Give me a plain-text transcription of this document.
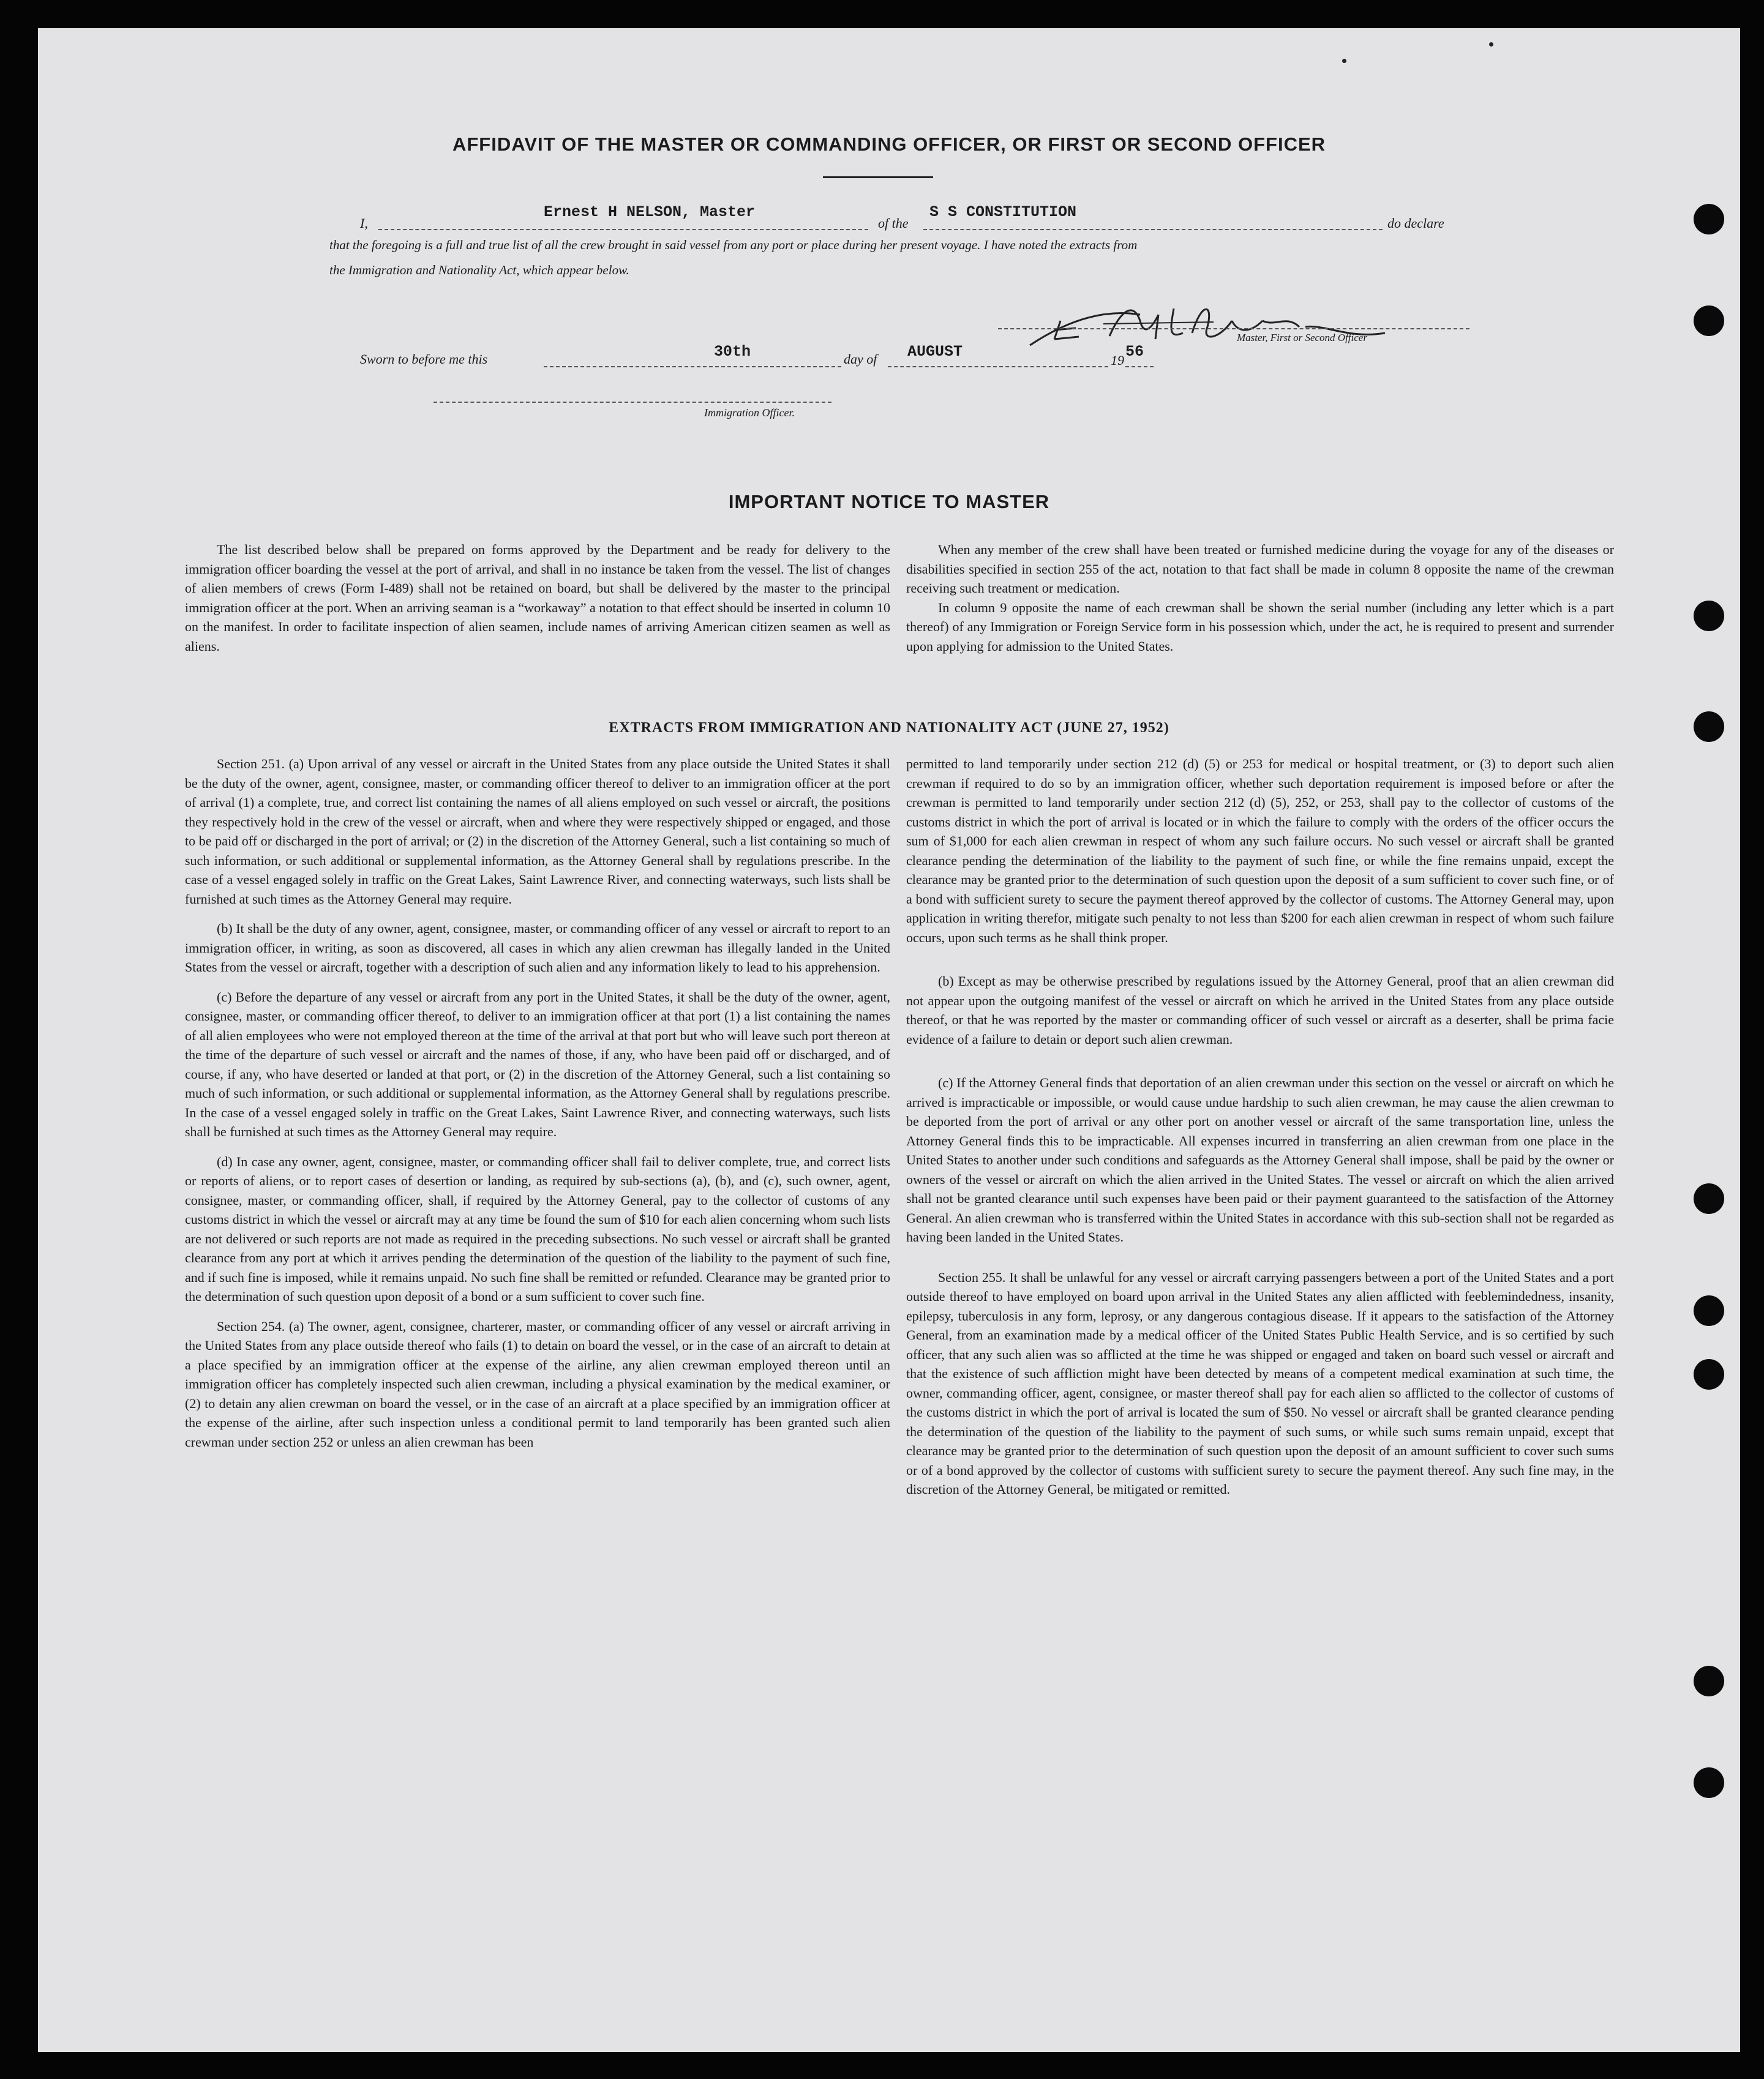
AFFIDAVIT OF THE MASTER OR COMMANDING OFFICER, OR FIRST OR SECOND OFFICER
I,
Ernest H NELSON, Master
of the
S S CONSTITUTION
do declare
that the foregoing is a full and true list of all the crew brought in said vessel from any port or place during her present voyage. I have noted the extracts from
the Immigration and Nationality Act, which appear below.
Master, First or Second Officer
Sworn to before me this	30th	day of AUGUST	19 56
Immigration Officer.
IMPORTANT NOTICE TO MASTER

The list described below shall be prepared on forms approved by the Department and be ready for delivery to the immigration officer boarding the vessel at the port of arrival, and shall in no instance be taken from the vessel. The list of changes of alien members of crews (Form I-489) shall not be retained on board, but shall be delivered by the master to the principal immigration officer at the port. When an arriving seaman is a “workaway” a notation to that effect should be inserted in column 10 on the manifest. In order to facilitate inspection of alien seamen, include names of arriving American citizen seamen as well as aliens.

When any member of the crew shall have been treated or furnished medicine during the voyage for any of the diseases or disabilities specified in section 255 of the act, notation to that fact shall be made in column 8 opposite the name of the crewman receiving such treatment or medication.

In column 9 opposite the name of each crewman shall be shown the serial number (including any letter which is a part thereof) of any Immigration or Foreign Service form in his possession which, under the act, he is required to present and surrender upon applying for admission to the United States.

EXTRACTS FROM IMMIGRATION AND NATIONALITY ACT (JUNE 27, 1952)

Section 251. (a) Upon arrival of any vessel or aircraft in the United States from any place outside the United States it shall be the duty of the owner, agent, consignee, master, or commanding officer thereof to deliver to an immigration officer at the port of arrival (1) a complete, true, and correct list containing the names of all aliens employed on such vessel or aircraft, the positions they respectively hold in the crew of the vessel or aircraft, when and where they were respectively shipped or engaged, and those to be paid off or discharged in the port of arrival; or (2) in the discretion of the Attorney General, such a list containing so much of such information, or such additional or supplemental information, as the Attorney General shall by regulations prescribe. In the case of a vessel engaged solely in traffic on the Great Lakes, Saint Lawrence River, and connecting waterways, such lists shall be furnished at such times as the Attorney General may require.

(b) It shall be the duty of any owner, agent, consignee, master, or commanding officer of any vessel or aircraft to report to an immigration officer, in writing, as soon as discovered, all cases in which any alien crewman has illegally landed in the United States from the vessel or aircraft, together with a description of such alien and any information likely to lead to his apprehension.

(c) Before the departure of any vessel or aircraft from any port in the United States, it shall be the duty of the owner, agent, consignee, master, or commanding officer thereof, to deliver to an immigration officer at that port (1) a list containing the names of all alien employees who were not employed thereon at the time of the arrival at that port but who will leave such port thereon at the time of the departure of such vessel or aircraft and the names of those, if any, who have been paid off or discharged, and of course, if any, who have deserted or landed at that port, or (2) in the discretion of the Attorney General, such a list containing so much of such information, or such additional or supplemental information, as the Attorney General shall by regulations prescribe. In the case of a vessel engaged solely in traffic on the Great Lakes, Saint Lawrence River, and connecting waterways, such lists shall be furnished at such times as the Attorney General may require.

(d) In case any owner, agent, consignee, master, or commanding officer shall fail to deliver complete, true, and correct lists or reports of aliens, or to report cases of desertion or landing, as required by sub-sections (a), (b), and (c), such owner, agent, consignee, master, or commanding officer, shall, if required by the Attorney General, pay to the collector of customs of any customs district in which the vessel or aircraft may at any time be found the sum of $10 for each alien concerning whom such lists are not delivered or such reports are not made as required in the preceding subsections. No such vessel or aircraft shall be granted clearance from any port at which it arrives pending the determination of the question of the liability to the payment of such fine, and if such fine is imposed, while it remains unpaid. No such fine shall be remitted or refunded. Clearance may be granted prior to the determination of such question upon deposit of a bond or a sum sufficient to cover such fine.

Section 254. (a) The owner, agent, consignee, charterer, master, or commanding officer of any vessel or aircraft arriving in the United States from any place outside thereof who fails (1) to detain on board the vessel, or in the case of an aircraft to detain at a place specified by an immigration officer at the expense of the airline, any alien crewman employed thereon until an immigration officer has completely inspected such alien crewman, including a physical examination by the medical examiner, or (2) to detain any alien crewman on board the vessel, or in the case of an aircraft at a place specified by an immigration officer at the expense of the airline, after such inspection unless a conditional permit to land temporarily has been granted such alien crewman under section 252 or unless an alien crewman has been

permitted to land temporarily under section 212 (d) (5) or 253 for medical or hospital treatment, or (3) to deport such alien crewman if required to do so by an immigration officer, whether such deportation requirement is imposed before or after the crewman is permitted to land temporarily under section 212 (d) (5), 252, or 253, shall pay to the collector of customs of the customs district in which the port of arrival is located or in which the failure to comply with the orders of the officer occurs the sum of $1,000 for each alien crewman in respect of whom any such failure occurs. No such vessel or aircraft shall be granted clearance pending the determination of the liability to the payment of such fine, or while the fine remains unpaid, except the clearance may be granted prior to the determination of such question upon the deposit of a sum sufficient to cover such fine, or of a bond with sufficient surety to secure the payment thereof approved by the collector of customs. The Attorney General may, upon application in writing therefor, mitigate such penalty to not less than $200 for each alien crewman in respect of whom such failure occurs, upon such terms as he shall think proper.

(b) Except as may be otherwise prescribed by regulations issued by the Attorney General, proof that an alien crewman did not appear upon the outgoing manifest of the vessel or aircraft on which he arrived in the United States from any place outside thereof, or that he was reported by the master or commanding officer of such vessel or aircraft as a deserter, shall be prima facie evidence of a failure to detain or deport such alien crewman.

(c) If the Attorney General finds that deportation of an alien crewman under this section on the vessel or aircraft on which he arrived is impracticable or impossible, or would cause undue hardship to such alien crewman, he may cause the alien crewman to be deported from the port of arrival or any other port on another vessel or aircraft of the same transportation line, unless the Attorney General finds this to be impracticable. All expenses incurred in transferring an alien crewman from one place in the United States to another under such conditions and safeguards as the Attorney General shall impose, shall be paid by the owner or owners of the vessel or aircraft on which the alien arrived in the United States. The vessel or aircraft on which the alien arrived shall not be granted clearance until such expenses have been paid or their payment guaranteed to the satisfaction of the Attorney General. An alien crewman who is transferred within the United States in accordance with this sub-section shall not be regarded as having been landed in the United States.

Section 255. It shall be unlawful for any vessel or aircraft carrying passengers between a port of the United States and a port outside thereof to have employed on board upon arrival in the United States any alien afflicted with feeblemindedness, insanity, epilepsy, tuberculosis in any form, leprosy, or any dangerous contagious disease. If it appears to the satisfaction of the Attorney General, from an examination made by a medical officer of the United States Public Health Service, and is so certified by such officer, that any such alien was so afflicted at the time he was shipped or engaged and taken on board such vessel or aircraft and that the existence of such affliction might have been detected by means of a competent medical examination at such time, the owner, commanding officer, agent, consignee, or master thereof shall pay for each alien so afflicted to the collector of customs of the customs district in which the port of arrival is located the sum of $50. No vessel or aircraft shall be granted clearance pending the determination of the question of the liability to the payment of such sums, or while such sums remain unpaid, except that clearance may be granted prior to the determination of such question upon the deposit of an amount sufficient to cover such sums or of a bond approved by the collector of customs with sufficient surety to secure the payment thereof. Any such fine may, in the discretion of the Attorney General, be mitigated or remitted.
